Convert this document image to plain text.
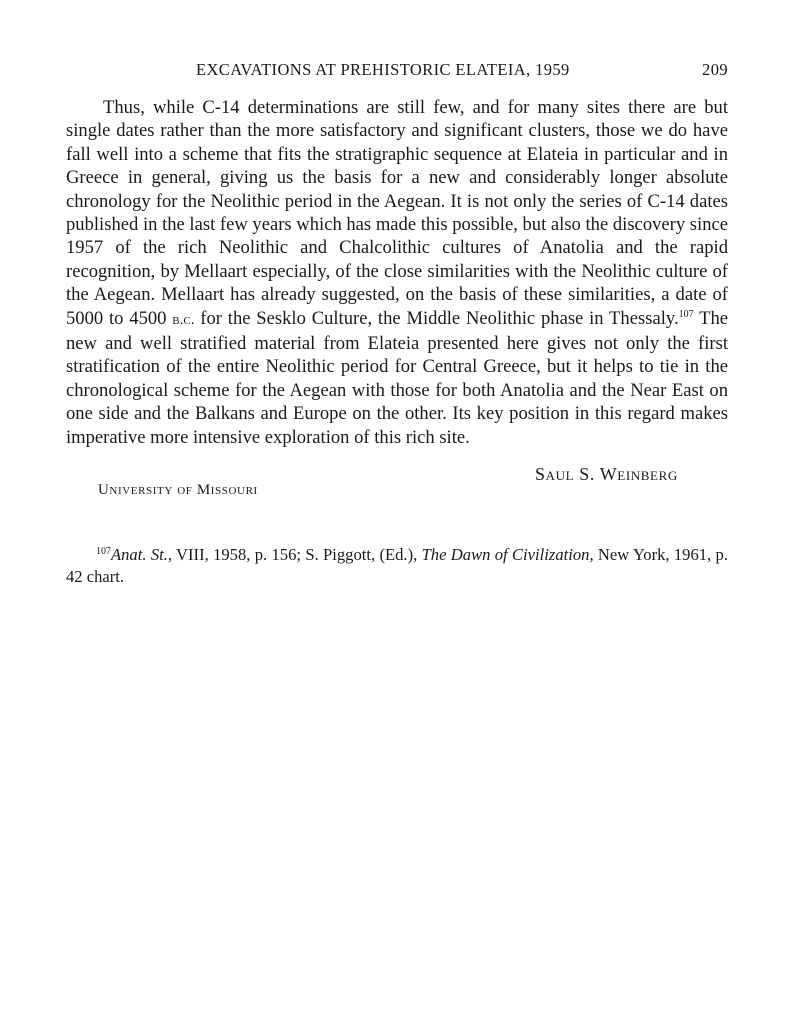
EXCAVATIONS AT PREHISTORIC ELATEIA, 1959	209

Thus, while C-14 determinations are still few, and for many sites there are but single dates rather than the more satisfactory and significant clusters, those we do have fall well into a scheme that fits the stratigraphic sequence at Elateia in particular and in Greece in general, giving us the basis for a new and considerably longer absolute chronology for the Neolithic period in the Aegean. It is not only the series of C-14 dates published in the last few years which has made this possible, but also the discovery since 1957 of the rich Neolithic and Chalcolithic cultures of Anatolia and the rapid recognition, by Mellaart especially, of the close similarities with the Neolithic culture of the Aegean. Mellaart has already suggested, on the basis of these similarities, a date of 5000 to 4500 b.c. for the Sesklo Culture, the Middle Neolithic phase in Thessaly.$^{107}$ The new and well stratified material from Elateia presented here gives not only the first stratification of the entire Neolithic period for Central Greece, but it helps to tie in the chronological scheme for the Aegean with those for both Anatolia and the Near East on one side and the Balkans and Europe on the other. Its key position in this regard makes imperative more intensive exploration of this rich site.

Saul S. Weinberg
University of Missouri

$^{107}$Anat. St., VIII, 1958, p. 156; S. Piggott, (Ed.), The Dawn of Civilization, New York, 1961, p. 42 chart.
